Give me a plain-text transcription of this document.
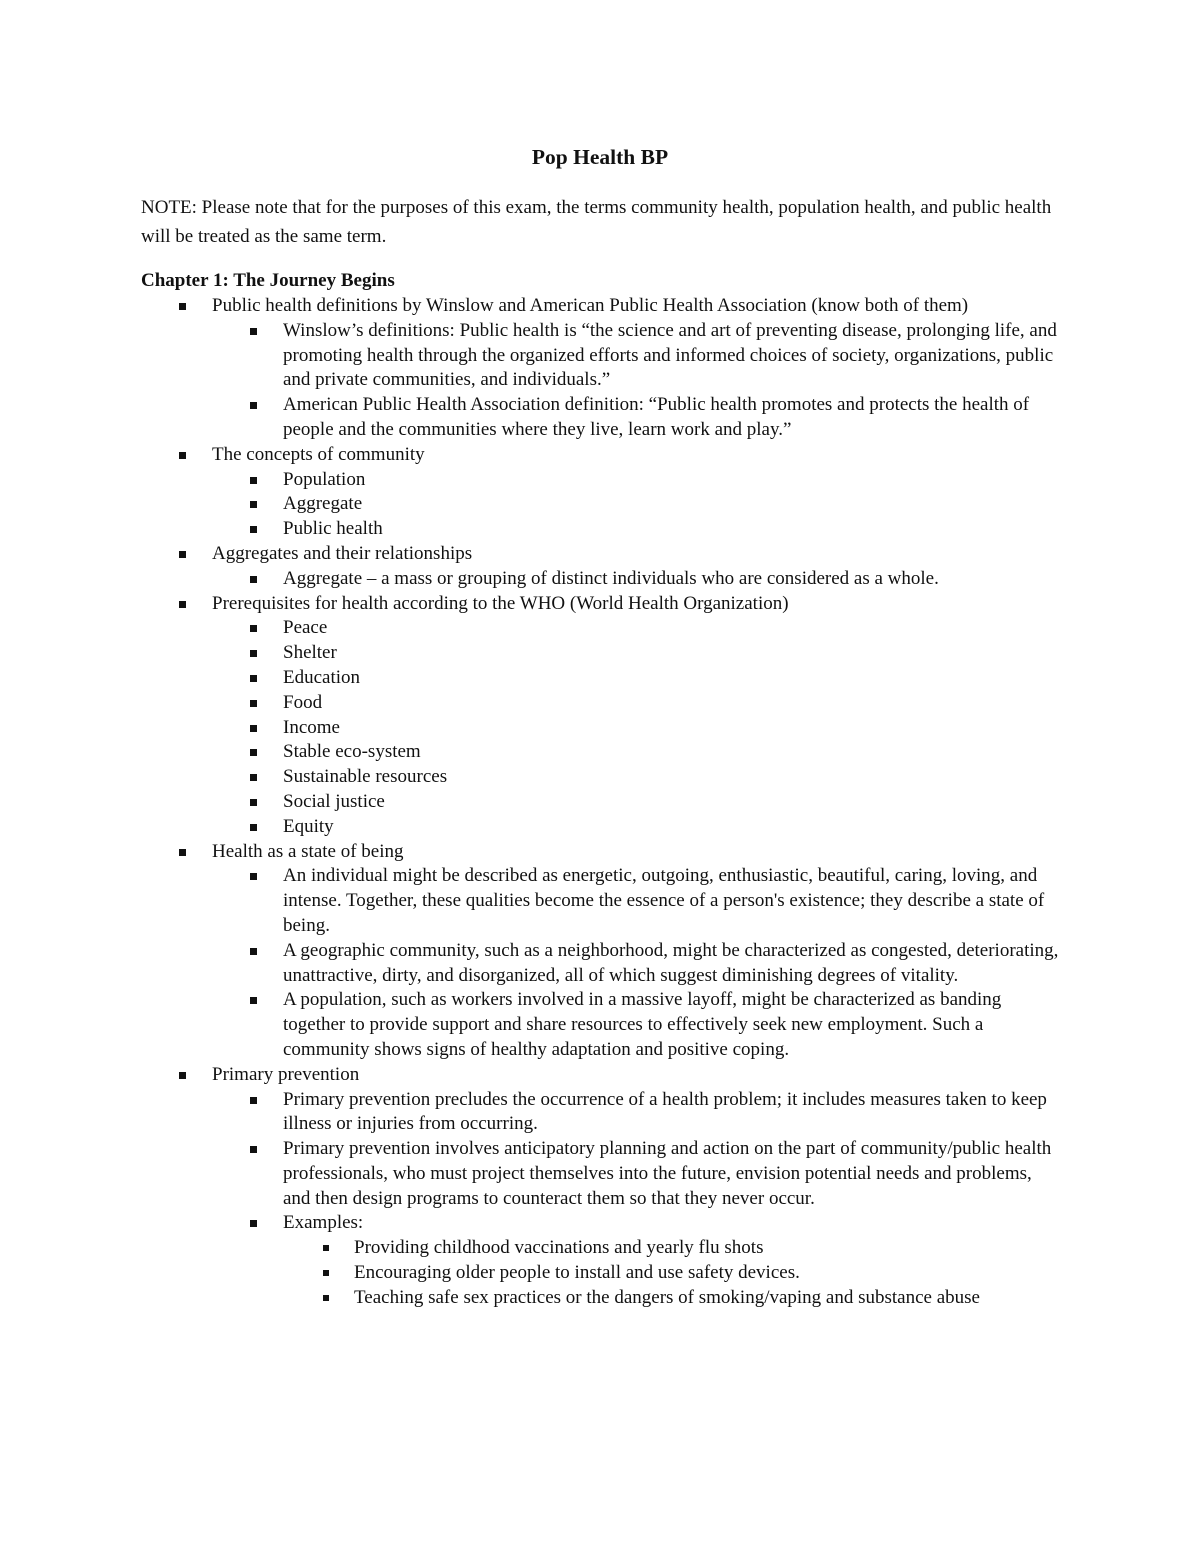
Pop Health BP
NOTE: Please note that for the purposes of this exam, the terms community health, population health, and public health will be treated as the same term.
Chapter 1: The Journey Begins
Public health definitions by Winslow and American Public Health Association (know both of them)
Winslow’s definitions: Public health is “the science and art of preventing disease, prolonging life, and promoting health through the organized efforts and informed choices of society, organizations, public and private communities, and individuals.”
American Public Health Association definition: “Public health promotes and protects the health of people and the communities where they live, learn work and play.”
The concepts of community
Population
Aggregate
Public health
Aggregates and their relationships
Aggregate – a mass or grouping of distinct individuals who are considered as a whole.
Prerequisites for health according to the WHO (World Health Organization)
Peace
Shelter
Education
Food
Income
Stable eco-system
Sustainable resources
Social justice
Equity
Health as a state of being
An individual might be described as energetic, outgoing, enthusiastic, beautiful, caring, loving, and intense. Together, these qualities become the essence of a person's existence; they describe a state of being.
A geographic community, such as a neighborhood, might be characterized as congested, deteriorating, unattractive, dirty, and disorganized, all of which suggest diminishing degrees of vitality.
A population, such as workers involved in a massive layoff, might be characterized as banding together to provide support and share resources to effectively seek new employment. Such a community shows signs of healthy adaptation and positive coping.
Primary prevention
Primary prevention precludes the occurrence of a health problem; it includes measures taken to keep illness or injuries from occurring.
Primary prevention involves anticipatory planning and action on the part of community/public health professionals, who must project themselves into the future, envision potential needs and problems, and then design programs to counteract them so that they never occur.
Examples:
Providing childhood vaccinations and yearly flu shots
Encouraging older people to install and use safety devices.
Teaching safe sex practices or the dangers of smoking/vaping and substance abuse
